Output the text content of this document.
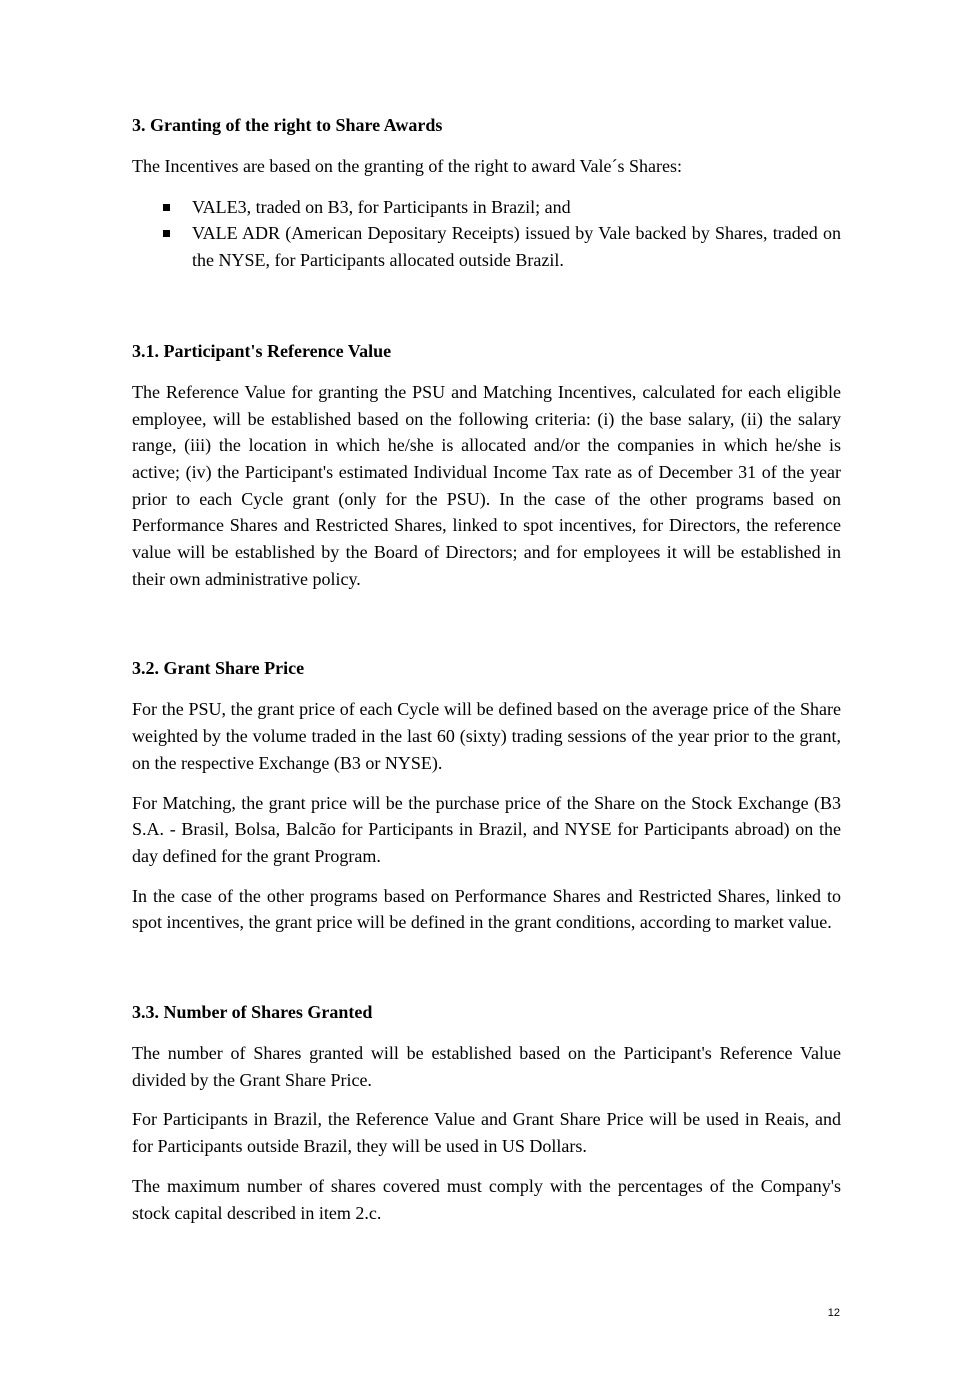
3. Granting of the right to Share Awards

The Incentives are based on the granting of the right to award Vale´s Shares:

VALE3, traded on B3, for Participants in Brazil; and
VALE ADR (American Depositary Receipts) issued by Vale backed by Shares, traded on the NYSE, for Participants allocated outside Brazil.
3.1. Participant's Reference Value

The Reference Value for granting the PSU and Matching Incentives, calculated for each eligible employee, will be established based on the following criteria: (i) the base salary, (ii) the salary range, (iii) the location in which he/she is allocated and/or the companies in which he/she is active; (iv) the Participant's estimated Individual Income Tax rate as of December 31 of the year prior to each Cycle grant (only for the PSU). In the case of the other programs based on Performance Shares and Restricted Shares, linked to spot incentives, for Directors, the reference value will be established by the Board of Directors; and for employees it will be established in their own administrative policy.

3.2. Grant Share Price

For the PSU, the grant price of each Cycle will be defined based on the average price of the Share weighted by the volume traded in the last 60 (sixty) trading sessions of the year prior to the grant, on the respective Exchange (B3 or NYSE).

For Matching, the grant price will be the purchase price of the Share on the Stock Exchange (B3 S.A. - Brasil, Bolsa, Balcão for Participants in Brazil, and NYSE for Participants abroad) on the day defined for the grant Program.

In the case of the other programs based on Performance Shares and Restricted Shares, linked to spot incentives, the grant price will be defined in the grant conditions, according to market value.

3.3. Number of Shares Granted

The number of Shares granted will be established based on the Participant's Reference Value divided by the Grant Share Price.

For Participants in Brazil, the Reference Value and Grant Share Price will be used in Reais, and for Participants outside Brazil, they will be used in US Dollars.

The maximum number of shares covered must comply with the percentages of the Company's stock capital described in item 2.c.

12
